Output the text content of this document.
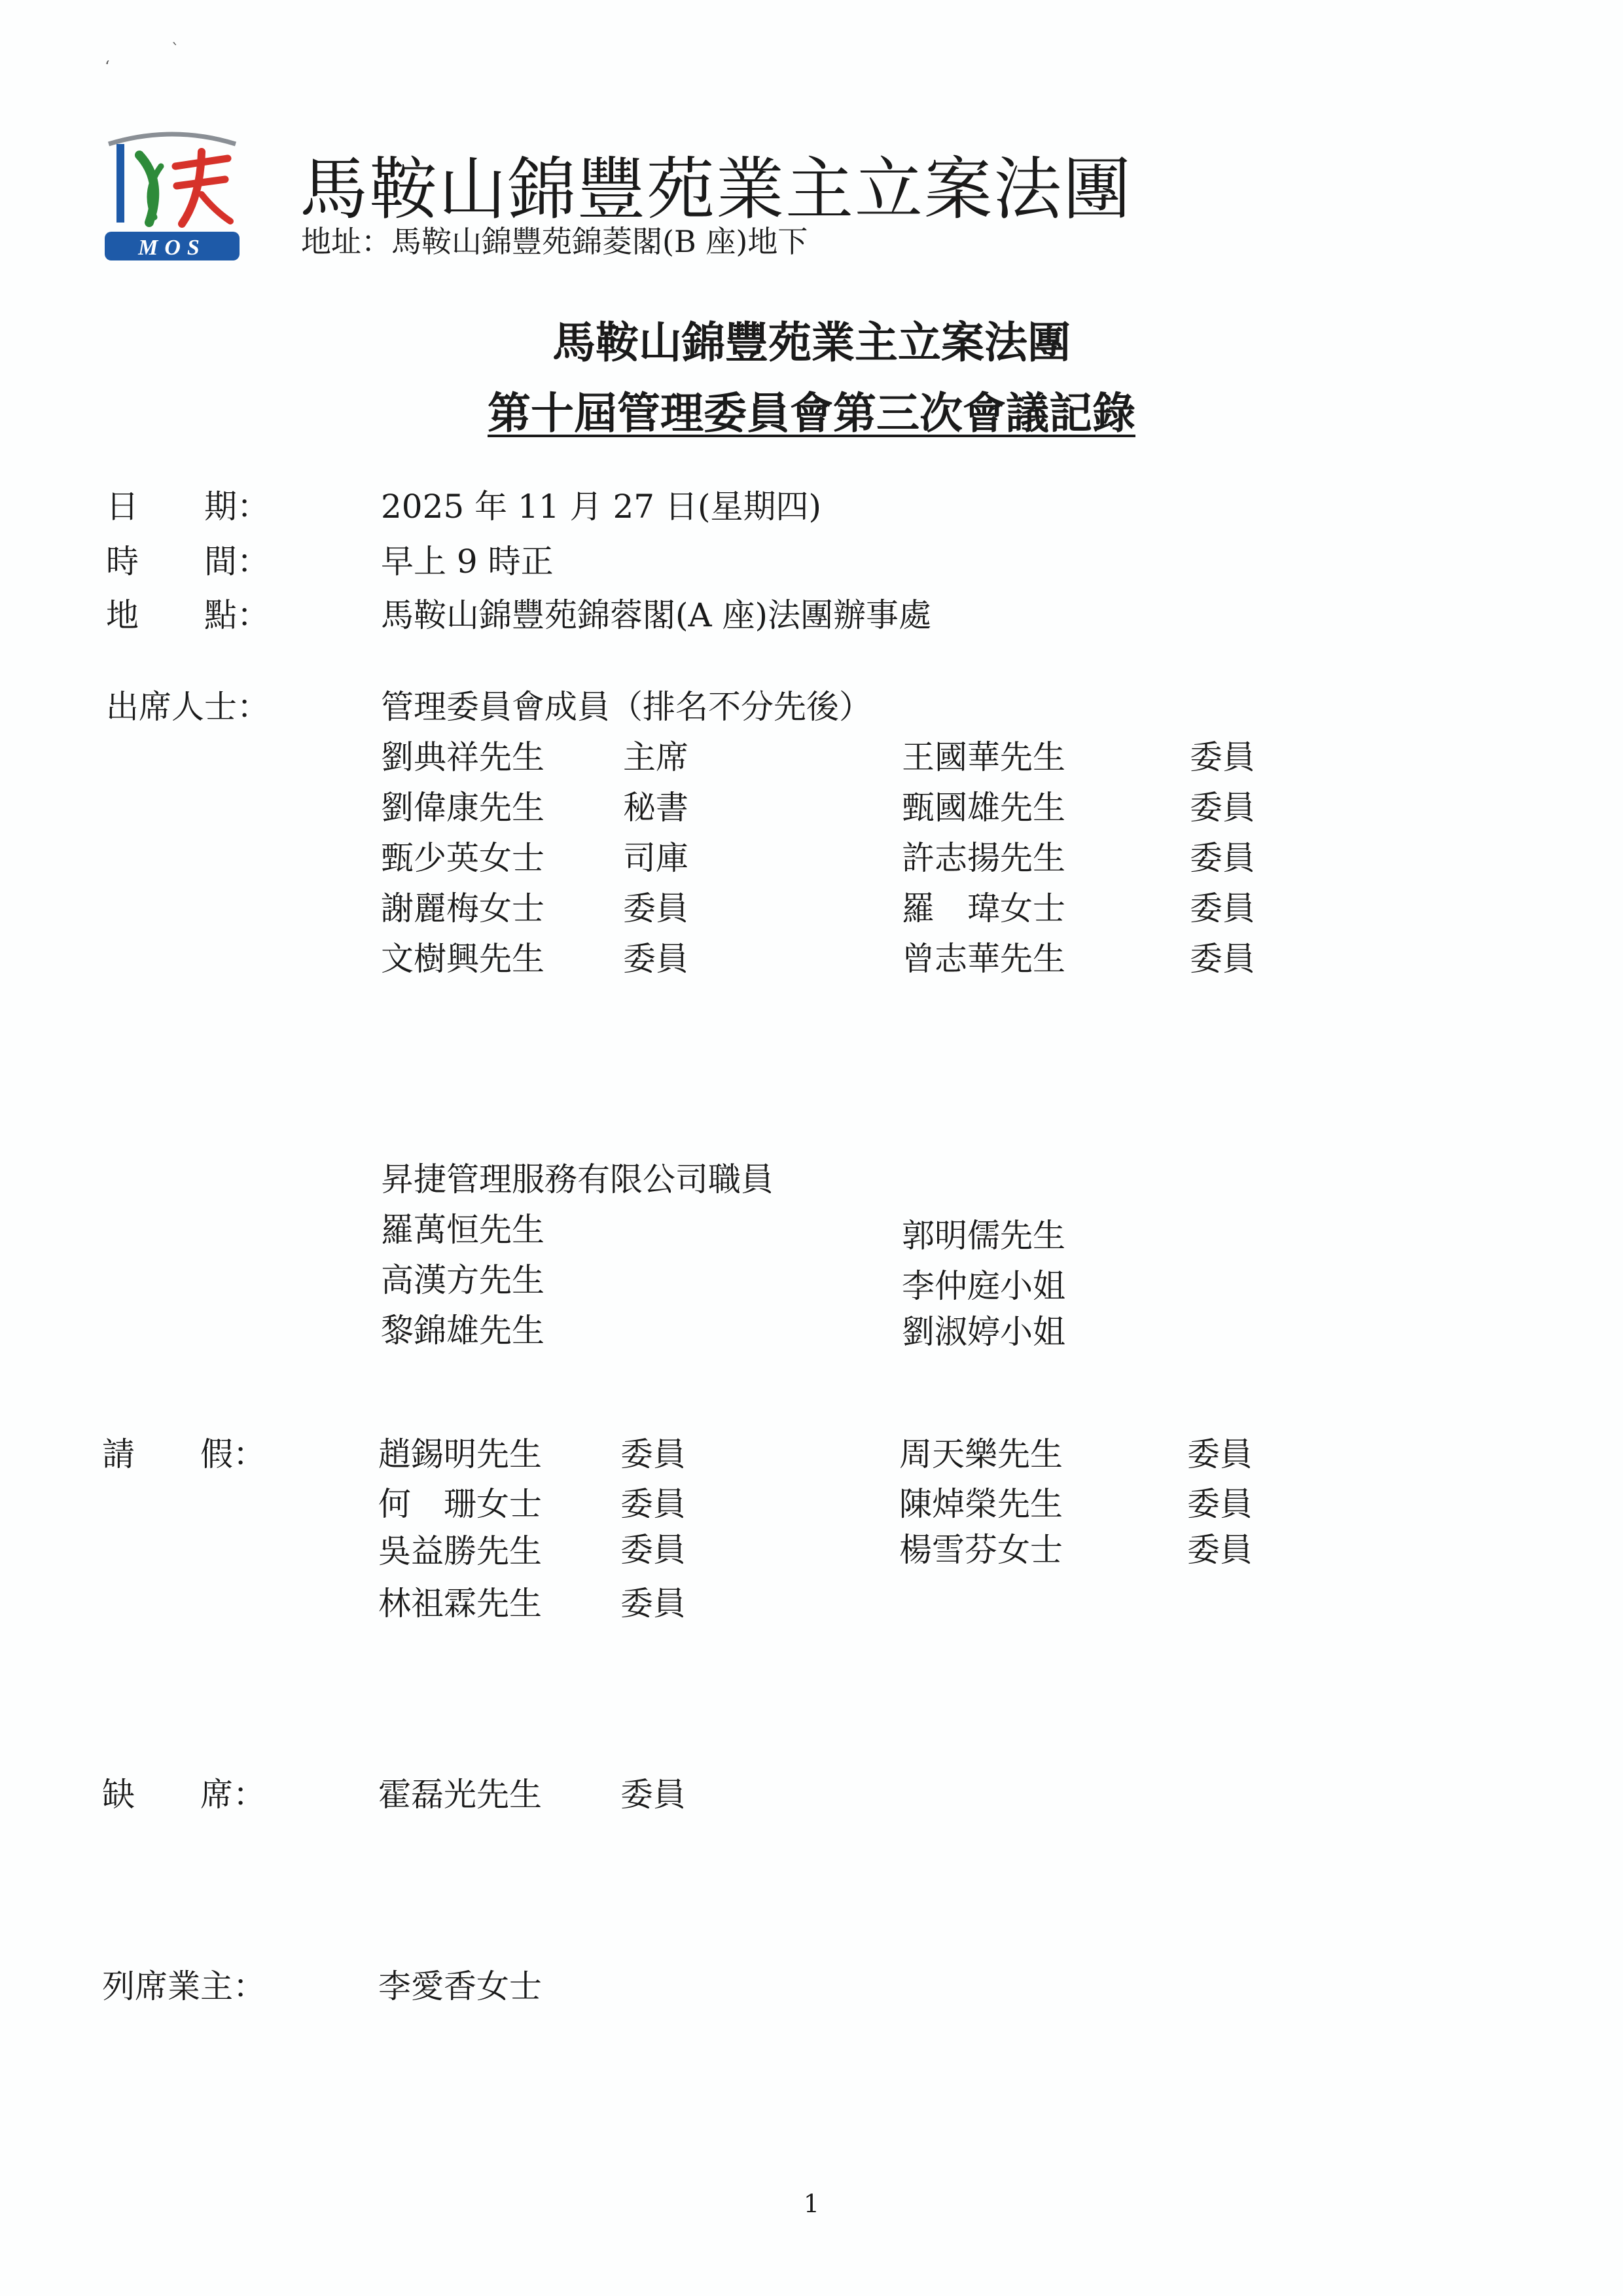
‘
ˋ
MOS
馬鞍山錦豐苑業主立案法團
地址：馬鞍山錦豐苑錦菱閣(B 座)地下
馬鞍山錦豐苑業主立案法團
第十屆管理委員會第三次會議記錄
日　　期：	2025 年 11 月 27 日(星期四)
時　　間：	早上 9 時正
地　　點：	馬鞍山錦豐苑錦蓉閣(A 座)法團辦事處
出席人士：	管理委員會成員（排名不分先後）
劉典祥先生 主席	王國華先生	委員
劉偉康先生 秘書	甄國雄先生	委員
甄少英女士 司庫	許志揚先生	委員
謝麗梅女士 委員	羅　瑋女士	委員
文樹興先生 委員	曾志華先生	委員
昇捷管理服務有限公司職員
羅萬恒先生	郭明儒先生
高漢方先生	李仲庭小姐
黎錦雄先生	劉淑婷小姐
請　　假：	趙錫明先生 委員	周天樂先生	委員
何　珊女士 委員	陳焯榮先生	委員
吳益勝先生 委員	楊雪芬女士	委員
林祖霖先生 委員
缺　　席：	霍磊光先生 委員
列席業主：	李愛香女士
1
